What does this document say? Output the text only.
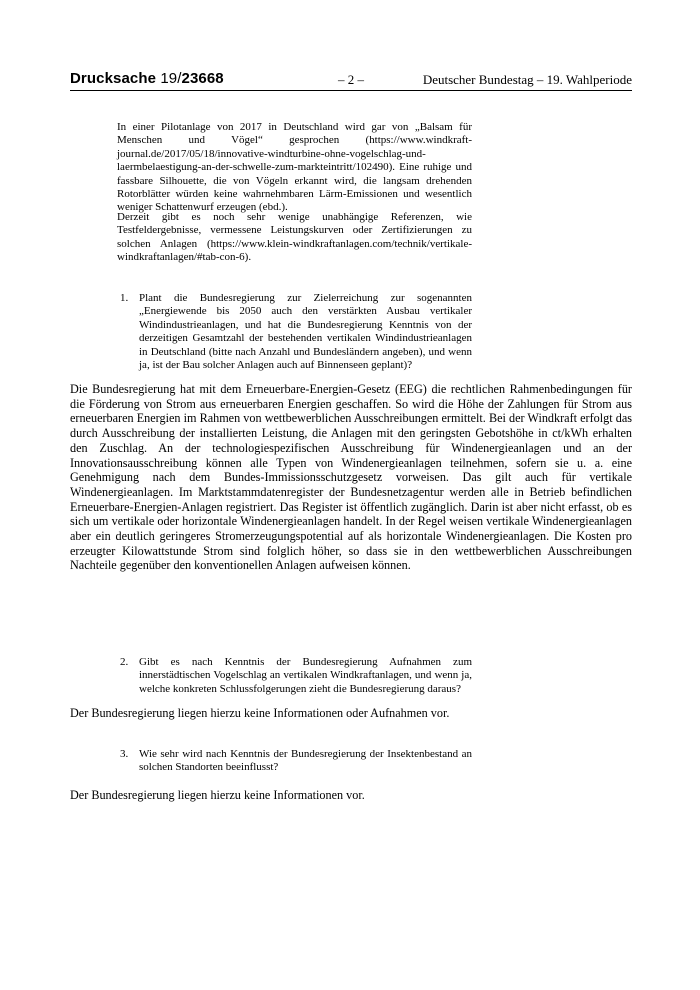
Drucksache 19/23668	– 2 –	Deutscher Bundestag – 19. Wahlperiode
In einer Pilotanlage von 2017 in Deutschland wird gar von „Balsam für Menschen und Vögel“ gesprochen (https://www.windkraft-journal.de/2017/05/18/innovative-windturbine-ohne-vogelschlag-und-laermbelaestigung-an-der-schwelle-zum-markteintritt/102490). Eine ruhige und fassbare Silhouette, die von Vögeln erkannt wird, die langsam drehenden Rotorblätter würden keine wahrnehmbaren Lärm-Emissionen und wesentlich weniger Schattenwurf erzeugen (ebd.).
Derzeit gibt es noch sehr wenige unabhängige Referenzen, wie Testfeldergebnisse, vermessene Leistungskurven oder Zertifizierungen zu solchen Anlagen (https://www.klein-windkraftanlagen.com/technik/vertikale-windkraftanlagen/#tab-con-6).
1. Plant die Bundesregierung zur Zielerreichung zur sogenannten „Energiewende bis 2050 auch den verstärkten Ausbau vertikaler Windindustrieanlagen, und hat die Bundesregierung Kenntnis von der derzeitigen Gesamtzahl der bestehenden vertikalen Windindustrieanlagen in Deutschland (bitte nach Anzahl und Bundesländern angeben), und wenn ja, ist der Bau solcher Anlagen auch auf Binnenseen geplant)?
Die Bundesregierung hat mit dem Erneuerbare-Energien-Gesetz (EEG) die rechtlichen Rahmenbedingungen für die Förderung von Strom aus erneuerbaren Energien geschaffen. So wird die Höhe der Zahlungen für Strom aus erneuerbaren Energien im Rahmen von wettbewerblichen Ausschreibungen ermittelt. Bei der Windkraft erfolgt das durch Ausschreibung der installierten Leistung, die Anlagen mit den geringsten Gebotshöhe in ct/kWh erhalten den Zuschlag. An der technologiespezifischen Ausschreibung für Windenergieanlagen und an der Innovationsausschreibung können alle Typen von Windenergieanlagen teilnehmen, sofern sie u. a. eine Genehmigung nach dem Bundes-Immissionsschutzgesetz vorweisen. Das gilt auch für vertikale Windenergieanlagen. Im Marktstammdatenregister der Bundesnetzagentur werden alle in Betrieb befindlichen Erneuerbare-Energien-Anlagen registriert. Das Register ist öffentlich zugänglich. Darin ist aber nicht erfasst, ob es sich um vertikale oder horizontale Windenergieanlagen handelt. In der Regel weisen vertikale Windenergieanlagen aber ein deutlich geringeres Stromerzeugungspotential auf als horizontale Windenergieanlagen. Die Kosten pro erzeugter Kilowattstunde Strom sind folglich höher, so dass sie in den wettbewerblichen Ausschreibungen Nachteile gegenüber den konventionellen Anlagen aufweisen können.
2. Gibt es nach Kenntnis der Bundesregierung Aufnahmen zum innerstädtischen Vogelschlag an vertikalen Windkraftanlagen, und wenn ja, welche konkreten Schlussfolgerungen zieht die Bundesregierung daraus?
Der Bundesregierung liegen hierzu keine Informationen oder Aufnahmen vor.
3. Wie sehr wird nach Kenntnis der Bundesregierung der Insektenbestand an solchen Standorten beeinflusst?
Der Bundesregierung liegen hierzu keine Informationen vor.
